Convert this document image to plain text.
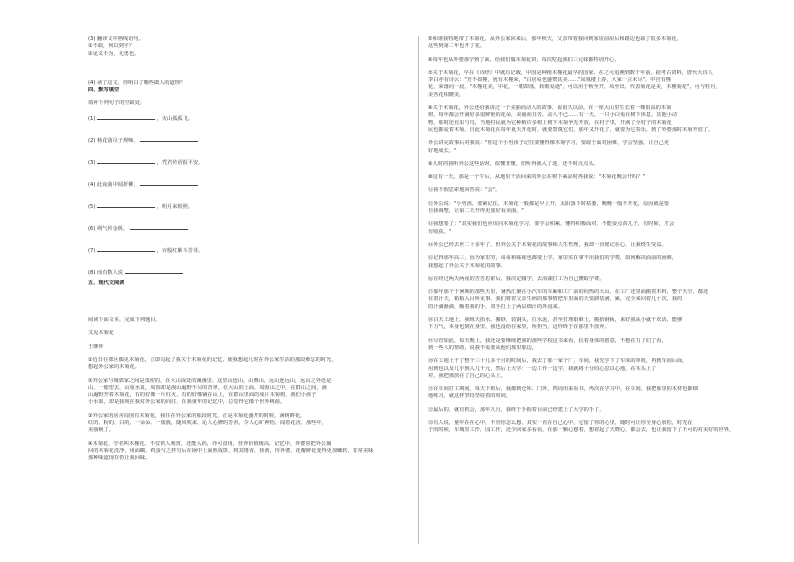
(3) 翻译文中画线语句。
①不敢，何以到乎？
②见义不为，无勇也。
(4) 读了这文，你明白了哪些做人的道理？
四、默写填空
填补下列句子的空缺处。
(1)	，火山孤孤飞。
(2) 杨花落尽子规啼，
(3)	，凭君传语报平安。
(4) 此夜曲中闻折柳，
(5)	，明月来相照。
(6) 朔气传金柝，
(7)	，百般红紫斗芳菲。
(8) 而有数人说
五、现代文阅读
阅读下面文本，完成下列题目。
又见木菊花
王继怀
①近日在郊区偶见木菊花，立即勾起了我关于木菊花的记忆，使我想起几时在外公家生活的那段难忘的时光，
想起外公家的木菊花。
②外公家与城郊家之间是茂密的，在大山深处的溪溪里，这里山连山，山叠山，远山连远山，远山之外还是
山，一眼望去，山重水复，周围却是漫山遍野不尽的青翠。在大山的上面，周围山之中，在群山之间，满
山遍野开着木菊花，有的好像一片红火，有的好像铺在山上，在群山里面的成片木菊树，我们小孩子
小水果，却是我现在我对外公家的向往，在我童年的记忆中，总觉得它像个世外桃源。
③外公家的房舍周围有木菊花，我住在外公家的那段时光，正是木菊花盛开的时候，满树鲜花，
红的、粉的、白的，一朵朵、一簇簇，随风吹来，沁人心脾的芳香，令人心旷神怡，闻着花香，那些年，
美丽极了。
④木菊花，学名叫木槿花，不仅供人观赏，还能入药，亦可食用，营养价值极高，记忆中，外婆常把外公摘
回的木菊花洗净，用面糊、鸡蛋与之拌匀后在锅中上面煎成饼，将其烙香，焦黄，待外婆，花瓣鲜花变得更加嫩软，非常美味
那种味道现在仍让我回味。
⑤和谁我特地带了木菊花，从外公家回来后，那年秋天，父亲带着我回到家房前屋后和路边也栽了很多木菊花，
这些到第二年也开了花。
⑥每年也从外婆那学到了面，给我们做木菊花饼，每次吃起我们三兄妹都特别开心。
⑦关于木菊花，早在《诗经》中就有记载，中国是种植木槿花最早的国家，在之可追溯到数千年前，据考古资料，唐代大诗人
李白亦有诗云："芳不如槿，犹有木槿荣，"白居易也盛赞其美……"凤凰楼上春，大家一言未尽"，中宫有槿
花，荣落同一晨，"木槿花美，中花，一朝却落，转眼易逝"，可以用于秋至开，凤至出，代表菊花是美，木槿菊花"，可与牡丹，
美菩花相媲美。
⑧关于木菊花，外公还给我讲过一个美丽而动人的故事，说很久以前，在一座大山里生长着一棵很高的木菊
树，每年都会开满好多很鲜艳的花朵，美丽而芬芳，动人不已……有一天，一只小白兔在树下休息，其他小动
物，那时还有虫与鸟，当地村民就为它种植许多树上树下木菊争先开放，在村子里，开满了全村子的木菊花
民也都爱着木菊，自此木菊花在每年夏天开花时，就要祭奠它们，那年又开花了，就要为它奏乐，到了外婆那时木菊开放了。
外公讲完故事后对我说："你这个小男孩子记住要懂得像木菊学习，要敢于面对困难，学会坚强，让自己更
好地成长。"
⑨儿时的我听外公这些话时，似懂非懂，但听得我入了迷，还不时点点头。
⑩这有一天，那是一个午后，从地里干活回来的外公在树下乘凉时再我说："木菊花晚会开吗？"
⑪我不假思索地回答说："会"。
⑫外公说："小男孩，要紧记住，木菊花一般都是早上开，太阳落下时枯萎，晚晚一般不开花，原因就是要
自我调整，让第二天开得更加好看美丽。"
⑬我想要了："其实我们也应该向木菊花学习，要学会积累，懂得积极面对，不能耍点苗儿子，有时候，才会
有收获。"
⑭外公已经去世二十多年了，但外公关于木菊花的故事和人生哲理，我却一直铭记在心，让我终生受益。
⑮记得那年高三，因为家里穷，哥哥和姊妹也都要上学，家里实在拿不出我们的学费，如何解决面前的困难，
我想起了外公关于木菊花的故事。
⑯在经过两天两夜的苦苦思索后，我决定辍学，去浴湖打工为自己攒取学费。
⑰那年那个干暑期的那些天里，暑热汇聚在小汽车的车厢和工厂前的闷热的大山，在工厂还里面搬着木料，整个天空，都还
在着汗天，箱箱入目所见事，我们将着父亲生病的那事情把车里面的天要卸装满，累，完全来回着几十次，我的
的汗滴渐滴，额着我的手，双手打上了两层细汗的外国来。
⑱白天工地上，我练天抬水，搬砂，装钢头，扛水泥，甚至打理艰难士，搬抬钢板，来好我从小就干农活，能够
下力气，本身也到在身里，我也没给在家里，所担当，这样终于在那里不放弃。
⑲尽管如此，每天晚上，我还是要继续把我的那些学校这书来看，抗着身体的倦意，不想在力了们了看，
到一些人的帮助，说我不需要从他们那里那边。
⑳在工地上干了整个三十几多个月的时间后，我去了那一家个厂，车间，我先学下了车床的单机，再到车间后面，
用到也以及几乎到入几千元，然后上大学：一边工作一边学，我就将十分的心思以心地，在木头上了
对，我把那放在了自己的心头上。
㉑在车间打工期间，每天下班后，我都到仓库、门外，四周用来看书，再次在学习中，在车间，我把那里的木材也都细
地练习，就这样坚持坚持着的时间。
㉒最后的，就有机会，那年九月，我终于手握着目前已经建上了大学的手了。
㉓有人说，童年在在心中，不管你怎么想，其实一直在自己心中，它留了你的心里，随时可让你全身心放松，时光在
子的时候，车城里工作，园工作，还少回家多看看，在那一颗心想着，想着起了天晓心，都会去，也让我留下了不可的对美好的世界，
